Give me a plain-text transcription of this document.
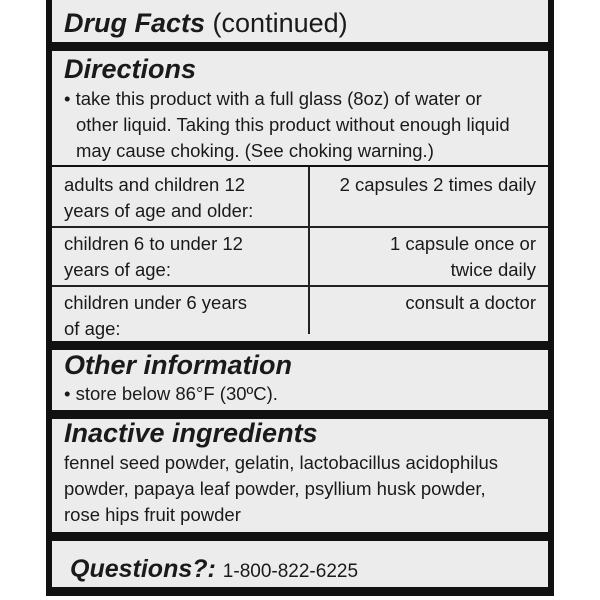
Drug Facts (continued)
Directions
• take this product with a full glass (8oz) of water or
other liquid. Taking this product without enough liquid
may cause choking. (See choking warning.)
adults and children 12
years of age and older:
2 capsules 2 times daily
children 6 to under 12
years of age:
1 capsule once or
twice daily
children under 6 years
of age:
consult a doctor
Other information
• store below 86°F (30ºC).
Inactive ingredients
fennel seed powder, gelatin, lactobacillus acidophilus
powder, papaya leaf powder, psyllium husk powder,
rose hips fruit powder
Questions?: 1-800-822-6225
